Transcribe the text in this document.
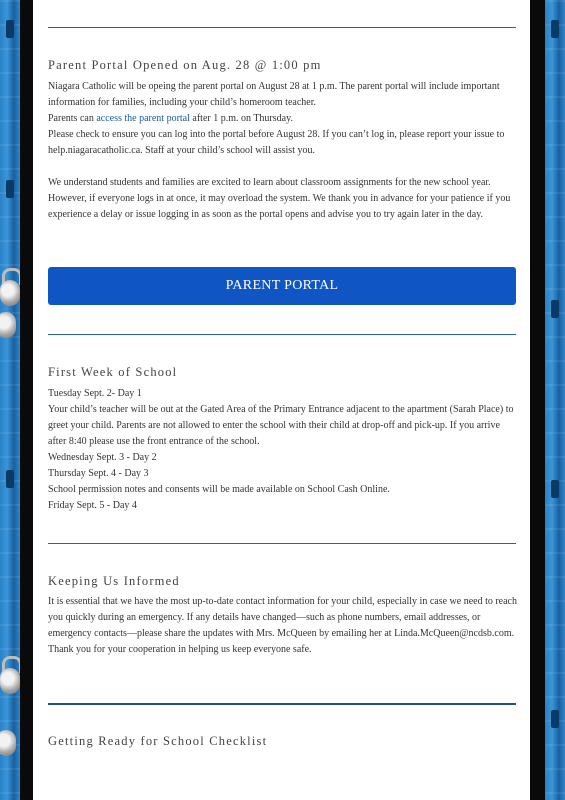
Parent Portal Opened on Aug. 28 @ 1:00 pm

Niagara Catholic will be opeing the parent portal on August 28 at 1 p.m. The parent portal will include important information for families, including your child’s homeroom teacher.

Parents can access the parent portal after 1 p.m. on Thursday.

Please check to ensure you can log into the portal before August 28. If you can’t log in, please report your issue to help.niagaracatholic.ca. Staff at your child’s school will assist you.

We understand students and families are excited to learn about classroom assignments for the new school year. However, if everyone logs in at once, it may overload the system. We thank you in advance for your patience if you experience a delay or issue logging in as soon as the portal opens and advise you to try again later in the day.

PARENT PORTAL
First Week of School

Tuesday Sept. 2- Day 1

Your child’s teacher will be out at the Gated Area of the Primary Entrance adjacent to the apartment (Sarah Place) to greet your child. Parents are not allowed to enter the school with their child at drop-off and pick-up. If you arrive after 8:40 please use the front entrance of the school.

Wednesday Sept. 3 - Day 2

Thursday Sept. 4 - Day 3

School permission notes and consents will be made available on School Cash Online.

Friday Sept. 5 - Day 4

Keeping Us Informed

It is essential that we have the most up-to-date contact information for your child, especially in case we need to reach you quickly during an emergency. If any details have changed—such as phone numbers, email addresses, or emergency contacts—please share the updates with Mrs. McQueen by emailing her at Linda.McQueen@ncdsb.com. Thank you for your cooperation in helping us keep everyone safe.

Getting Ready for School Checklist
